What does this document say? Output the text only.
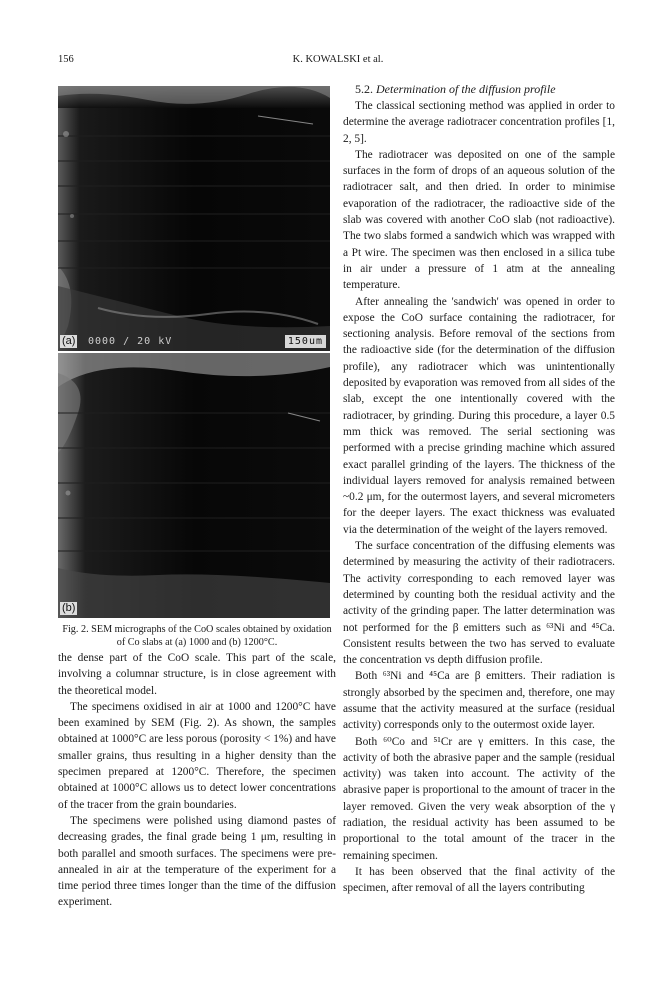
156	K. KOWALSKI et al.
(a) 0000 / 20 kV	150um
(b)
Fig. 2. SEM micrographs of the CoO scales obtained by oxidation of Co slabs at (a) 1000 and (b) 1200°C.

the dense part of the CoO scale. This part of the scale, involving a columnar structure, is in close agreement with the theoretical model.

The specimens oxidised in air at 1000 and 1200°C have been examined by SEM (Fig. 2). As shown, the samples obtained at 1000°C are less porous (porosity < 1%) and have smaller grains, thus resulting in a higher density than the specimen prepared at 1200°C. Therefore, the specimen obtained at 1000°C allows us to detect lower concentrations of the tracer from the grain boundaries.

The specimens were polished using diamond pastes of decreasing grades, the final grade being 1 μm, resulting in both parallel and smooth surfaces. The specimens were pre-annealed in air at the temperature of the experiment for a time period three times longer than the time of the diffusion experiment.

5.2. Determination of the diffusion profile

The classical sectioning method was applied in order to determine the average radiotracer concentration profiles [1, 2, 5].

The radiotracer was deposited on one of the sample surfaces in the form of drops of an aqueous solution of the radiotracer salt, and then dried. In order to minimise evaporation of the radiotracer, the radioactive side of the slab was covered with another CoO slab (not radioactive). The two slabs formed a sandwich which was wrapped with a Pt wire. The specimen was then enclosed in a silica tube in air under a pressure of 1 atm at the annealing temperature.

After annealing the 'sandwich' was opened in order to expose the CoO surface containing the radiotracer, for sectioning analysis. Before removal of the sections from the radioactive side (for the determination of the diffusion profile), any radiotracer which was unintentionally deposited by evaporation was removed from all sides of the slab, except the one intentionally covered with the radiotracer, by grinding. During this procedure, a layer 0.5 mm thick was removed. The serial sectioning was performed with a precise grinding machine which assured exact parallel grinding of the layers. The thickness of the individual layers removed for analysis remained between ~0.2 μm, for the outermost layers, and several micrometers for the deeper layers. The exact thickness was evaluated via the determination of the weight of the layers removed.

The surface concentration of the diffusing elements was determined by measuring the activity of their radiotracers. The activity corresponding to each removed layer was determined by counting both the residual activity and the activity of the grinding paper. The latter determination was not performed for the β emitters such as ⁶³Ni and ⁴⁵Ca. Consistent results between the two has served to evaluate the concentration vs depth diffusion profile.

Both ⁶³Ni and ⁴⁵Ca are β emitters. Their radiation is strongly absorbed by the specimen and, therefore, one may assume that the activity measured at the surface (residual activity) corresponds only to the outermost oxide layer.

Both ⁶⁰Co and ⁵¹Cr are γ emitters. In this case, the activity of both the abrasive paper and the sample (residual activity) was taken into account. The activity of the abrasive paper is proportional to the amount of tracer in the layer removed. Given the very weak absorption of the γ radiation, the residual activity has been assumed to be proportional to the total amount of the tracer in the remaining specimen.

It has been observed that the final activity of the specimen, after removal of all the layers contributing
